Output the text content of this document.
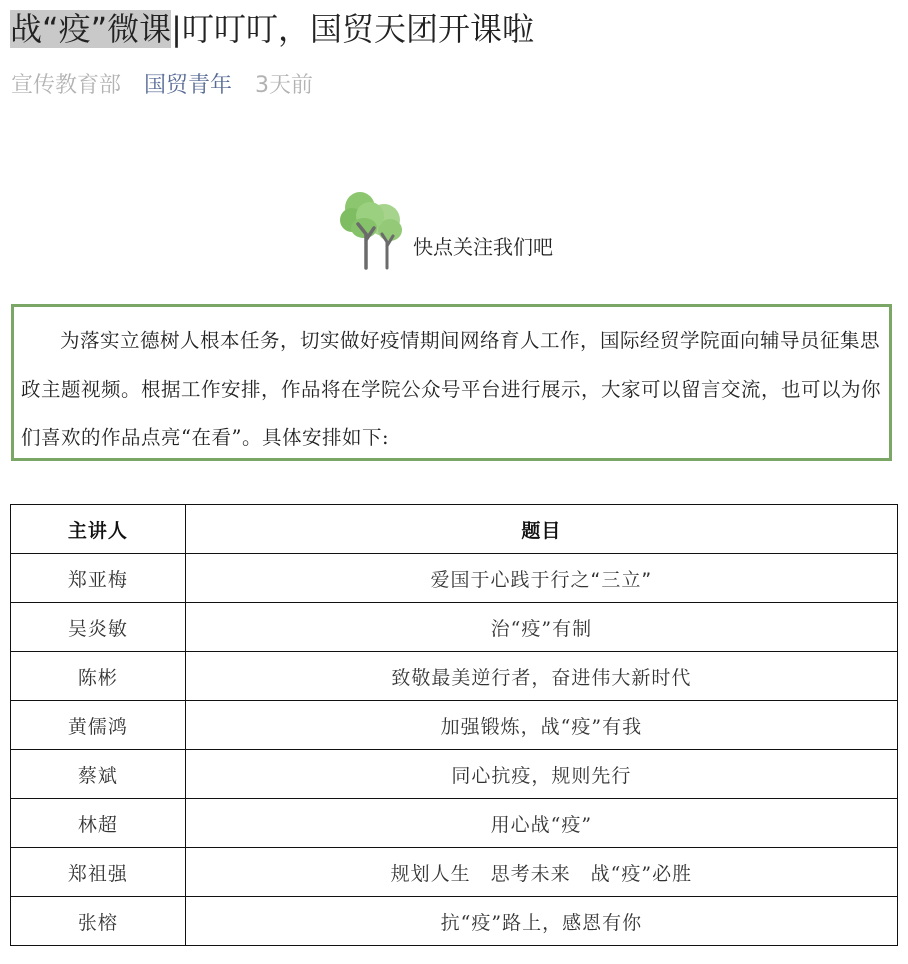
战“疫”微课|叮叮叮，国贸天团开课啦
宣传教育部 国贸青年 3天前
快点关注我们吧
为落实立德树人根本任务，切实做好疫情期间网络育人工作，国际经贸学院面向辅导员征集思政主题视频。根据工作安排，作品将在学院公众号平台进行展示，大家可以留言交流，也可以为你们喜欢的作品点亮“在看”。具体安排如下:
主讲人	题目
郑亚梅	爱国于心践于行之“三立”
吴炎敏	治“疫”有制
陈彬	致敬最美逆行者，奋进伟大新时代
黄儒鸿	加强锻炼，战“疫”有我
蔡斌	同心抗疫，规则先行
林超	用心战“疫”
郑祖强	规划人生　思考未来　战“疫”必胜
张榕	抗“疫”路上，感恩有你
